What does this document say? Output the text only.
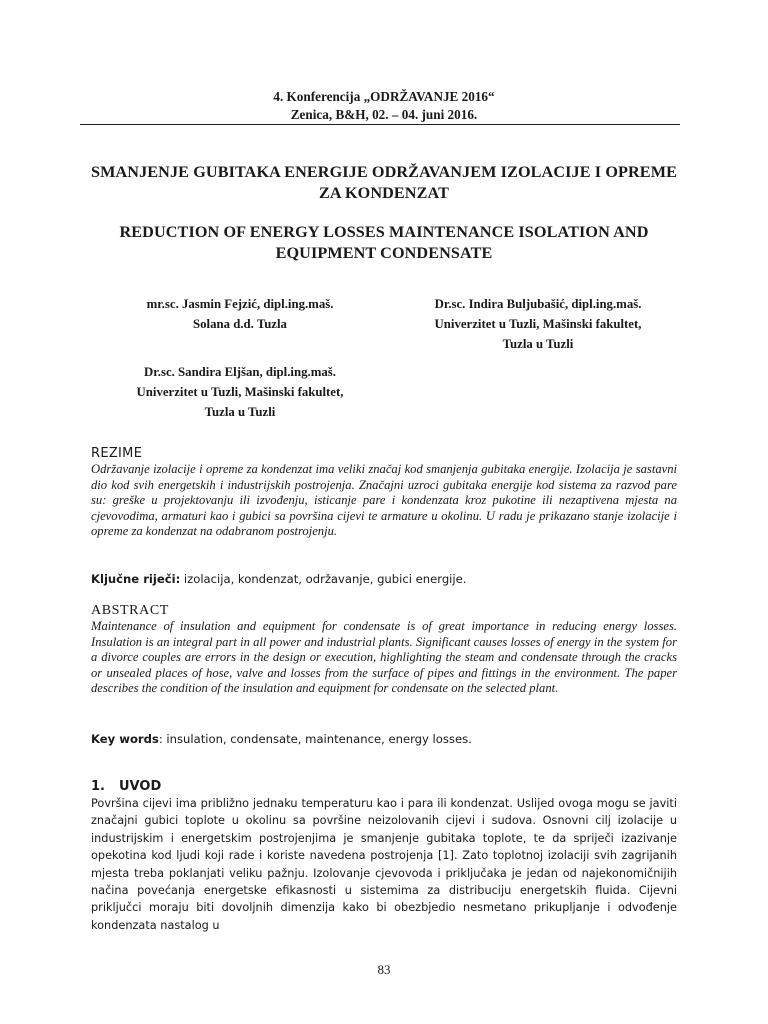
4. Konferencija „ODRŽAVANJE 2016“
Zenica, B&H, 02. – 04. juni 2016.
SMANJENJE GUBITAKA ENERGIJE ODRŽAVANJEM IZOLACIJE I OPREME ZA KONDENZAT
REDUCTION OF ENERGY LOSSES MAINTENANCE ISOLATION AND EQUIPMENT CONDENSATE
mr.sc. Jasmin Fejzić, dipl.ing.maš.
Solana d.d. Tuzla
Dr.sc. Indira Buljubašić, dipl.ing.maš.
Univerzitet u Tuzli, Mašinski fakultet,
Tuzla u Tuzli
Dr.sc. Sandira Eljšan, dipl.ing.maš.
Univerzitet u Tuzli, Mašinski fakultet,
Tuzla u Tuzli
REZIME
Održavanje izolacije i opreme za kondenzat ima veliki značaj kod smanjenja gubitaka energije. Izolacija je sastavni dio kod svih energetskih i industrijskih postrojenja. Značajni uzroci gubitaka energije kod sistema za razvod pare su: greške u projektovanju ili izvođenju, isticanje pare i kondenzata kroz pukotine ili nezaptivena mjesta na cjevovodima, armaturi kao i gubici sa površina cijevi te armature u okolinu. U radu je prikazano stanje izolacije i opreme za kondenzat na odabranom postrojenju.
Ključne riječi: izolacija, kondenzat, održavanje, gubici energije.
ABSTRACT
Maintenance of insulation and equipment for condensate is of great importance in reducing energy losses. Insulation is an integral part in all power and industrial plants. Significant causes losses of energy in the system for a divorce couples are errors in the design or execution, highlighting the steam and condensate through the cracks or unsealed places of hose, valve and losses from the surface of pipes and fittings in the environment. The paper describes the condition of the insulation and equipment for condensate on the selected plant.
Key words: insulation, condensate, maintenance, energy losses.
1. UVOD
Površina cijevi ima približno jednaku temperaturu kao i para ili kondenzat. Uslijed ovoga mogu se javiti značajni gubici toplote u okolinu sa površine neizolovanih cijevi i sudova. Osnovni cilj izolacije u industrijskim i energetskim postrojenjima je smanjenje gubitaka toplote, te da spriječi izazivanje opekotina kod ljudi koji rade i koriste navedena postrojenja [1]. Zato toplotnoj izolaciji svih zagrijanih mjesta treba poklanjati veliku pažnju. Izolovanje cjevovoda i priključaka je jedan od najekonomičnijih načina povećanja energetske efikasnosti u sistemima za distribuciju energetskih fluida. Cijevni priključci moraju biti dovoljnih dimenzija kako bi obezbjedio nesmetano prikupljanje i odvođenje kondenzata nastalog u
83
